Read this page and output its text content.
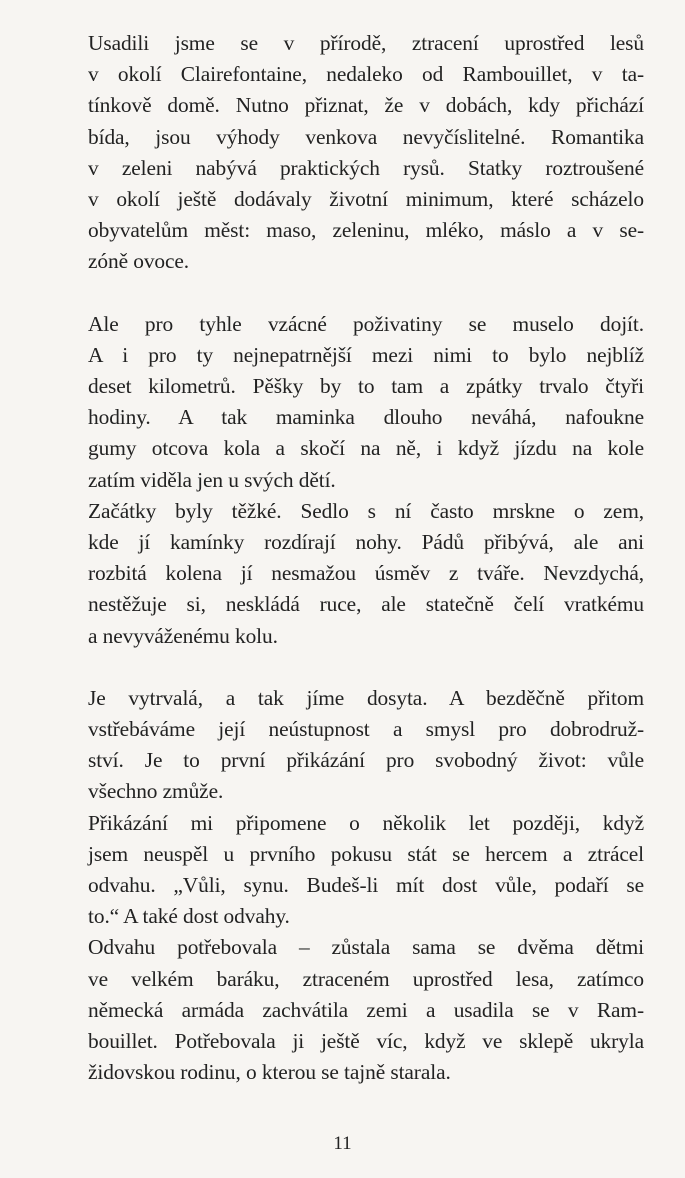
Usadili jsme se v přírodě, ztracení uprostřed lesů
v okolí Clairefontaine, nedaleko od Rambouillet, v ta-
tínkově domě. Nutno přiznat, že v dobách, kdy přichází
bída, jsou výhody venkova nevyčíslitelné. Romantika
v zeleni nabývá praktických rysů. Statky roztroušené
v okolí ještě dodávaly životní minimum, které scházelo
obyvatelům měst: maso, zeleninu, mléko, máslo a v se-
zóně ovoce.

Ale pro tyhle vzácné poživatiny se muselo dojít.
A i pro ty nejnepatrnější mezi nimi to bylo nejblíž
deset kilometrů. Pěšky by to tam a zpátky trvalo čtyři
hodiny. A tak maminka dlouho neváhá, nafoukne
gumy otcova kola a skočí na ně, i když jízdu na kole
zatím viděla jen u svých dětí.

Začátky byly těžké. Sedlo s ní často mrskne o zem,
kde jí kamínky rozdírají nohy. Pádů přibývá, ale ani
rozbitá kolena jí nesmažou úsměv z tváře. Nevzdychá,
nestěžuje si, neskládá ruce, ale statečně čelí vratkému
a nevyváženému kolu.

Je vytrvalá, a tak jíme dosyta. A bezděčně přitom
vstřebáváme její neústupnost a smysl pro dobrodruž-
ství. Je to první přikázání pro svobodný život: vůle
všechno zmůže.

Přikázání mi připomene o několik let později, když
jsem neuspěl u prvního pokusu stát se hercem a ztrácel
odvahu. „Vůli, synu. Budeš-li mít dost vůle, podaří se
to.“ A také dost odvahy.

Odvahu potřebovala – zůstala sama se dvěma dětmi
ve velkém baráku, ztraceném uprostřed lesa, zatímco
německá armáda zachvátila zemi a usadila se v Ram-
bouillet. Potřebovala ji ještě víc, když ve sklepě ukryla
židovskou rodinu, o kterou se tajně starala.

11
